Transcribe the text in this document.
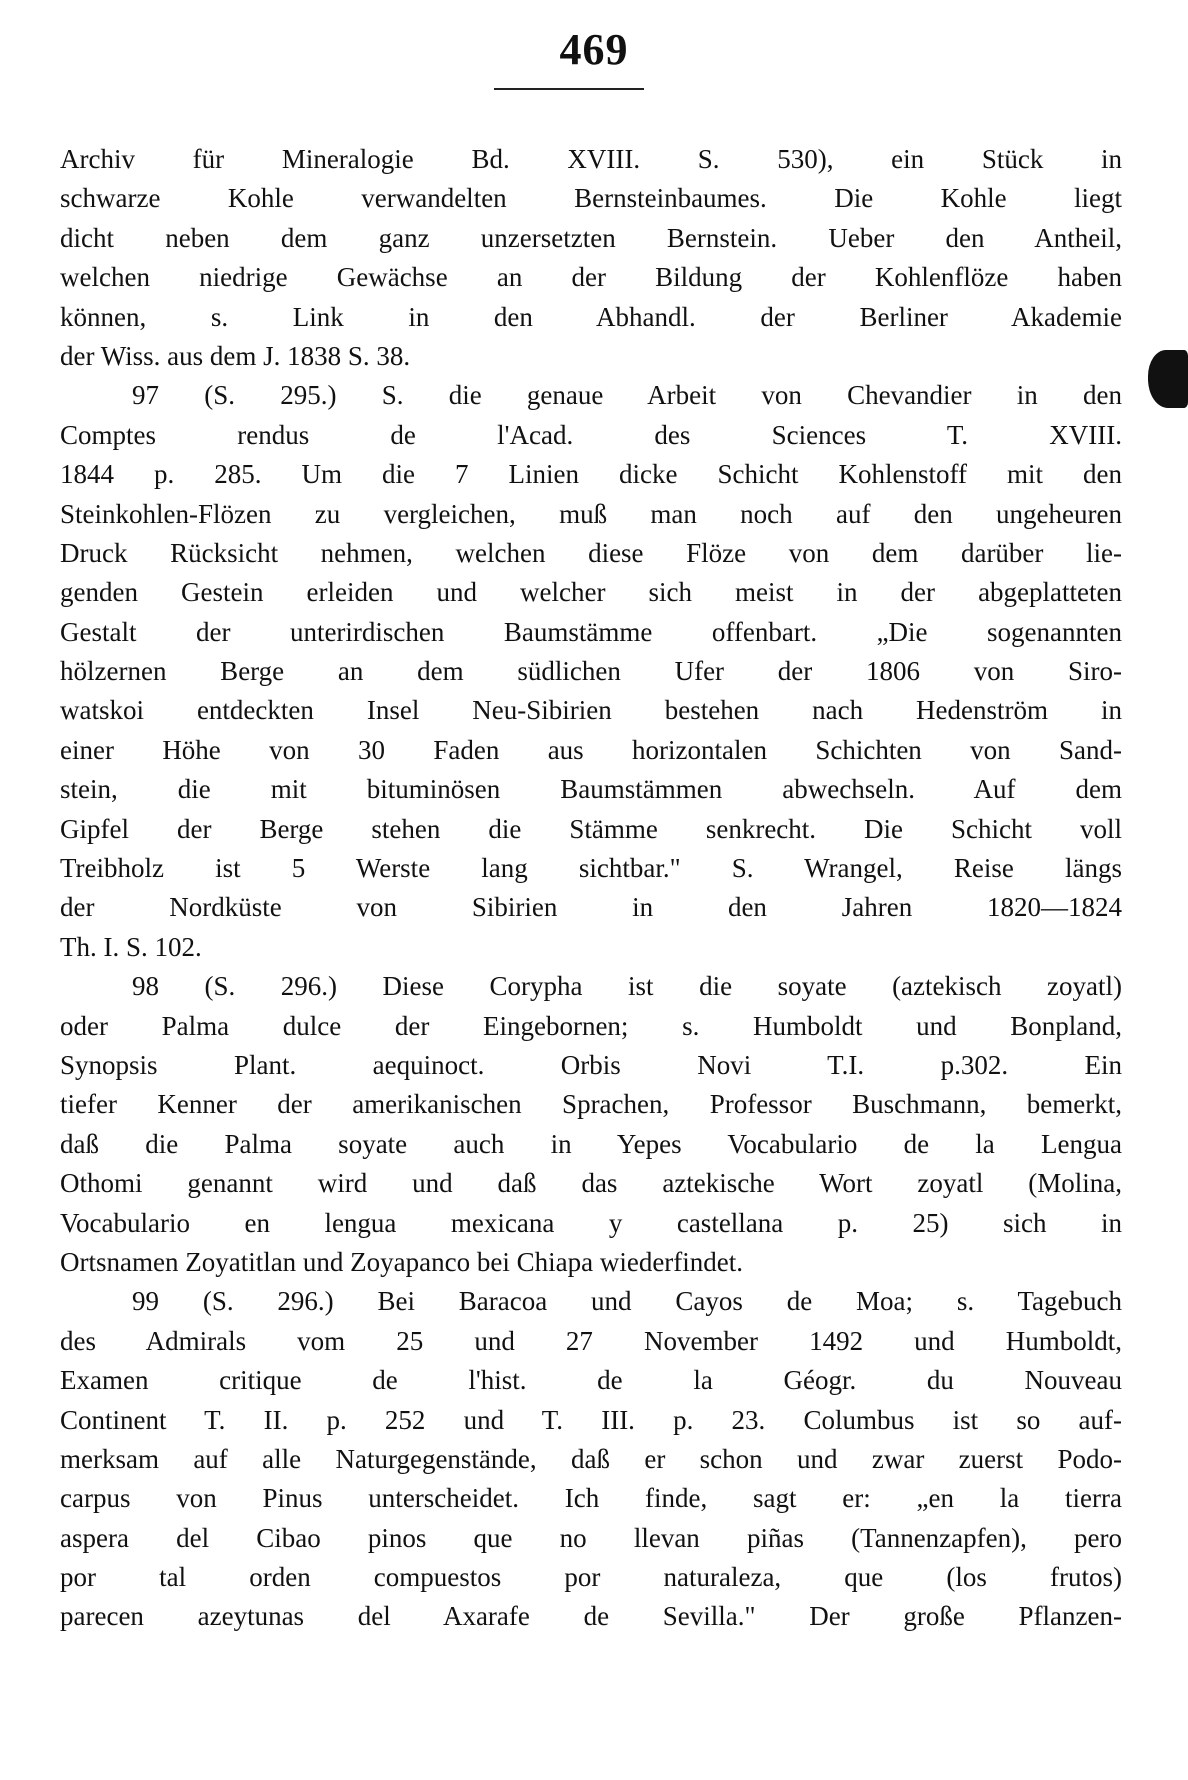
469
Archiv für Mineralogie Bd. XVIII. S. 530), ein Stück in
schwarze Kohle verwandelten Bernsteinbaumes. Die Kohle liegt
dicht neben dem ganz unzersetzten Bernstein. Ueber den Antheil,
welchen niedrige Gewächse an der Bildung der Kohlenflöze haben
können, s. Link in den Abhandl. der Berliner Akademie
der Wiss. aus dem J. 1838 S. 38.
97 (S. 295.) S. die genaue Arbeit von Chevandier in den
Comptes rendus de l'Acad. des Sciences T. XVIII.
1844 p. 285. Um die 7 Linien dicke Schicht Kohlenstoff mit den
Steinkohlen-Flözen zu vergleichen, muß man noch auf den ungeheuren
Druck Rücksicht nehmen, welchen diese Flöze von dem darüber lie-
genden Gestein erleiden und welcher sich meist in der abgeplatteten
Gestalt der unterirdischen Baumstämme offenbart. „Die sogenannten
hölzernen Berge an dem südlichen Ufer der 1806 von Siro-
watskoi entdeckten Insel Neu-Sibirien bestehen nach Hedenström in
einer Höhe von 30 Faden aus horizontalen Schichten von Sand-
stein, die mit bituminösen Baumstämmen abwechseln. Auf dem
Gipfel der Berge stehen die Stämme senkrecht. Die Schicht voll
Treibholz ist 5 Werste lang sichtbar." S. Wrangel, Reise längs
der Nordküste von Sibirien in den Jahren 1820—1824
Th. I. S. 102.
98 (S. 296.) Diese Corypha ist die soyate (aztekisch zoyatl)
oder Palma dulce der Eingebornen; s. Humboldt und Bonpland,
Synopsis Plant. aequinoct. Orbis Novi T.I. p.302. Ein
tiefer Kenner der amerikanischen Sprachen, Professor Buschmann, bemerkt,
daß die Palma soyate auch in Yepes Vocabulario de la Lengua
Othomi genannt wird und daß das aztekische Wort zoyatl (Molina,
Vocabulario en lengua mexicana y castellana p. 25) sich in
Ortsnamen Zoyatitlan und Zoyapanco bei Chiapa wiederfindet.
99 (S. 296.) Bei Baracoa und Cayos de Moa; s. Tagebuch
des Admirals vom 25 und 27 November 1492 und Humboldt,
Examen critique de l'hist. de la Géogr. du Nouveau
Continent T. II. p. 252 und T. III. p. 23. Columbus ist so auf-
merksam auf alle Naturgegenstände, daß er schon und zwar zuerst Podo-
carpus von Pinus unterscheidet. Ich finde, sagt er: „en la tierra
aspera del Cibao pinos que no llevan piñas (Tannenzapfen), pero
por tal orden compuestos por naturaleza, que (los frutos)
parecen azeytunas del Axarafe de Sevilla." Der große Pflanzen-
